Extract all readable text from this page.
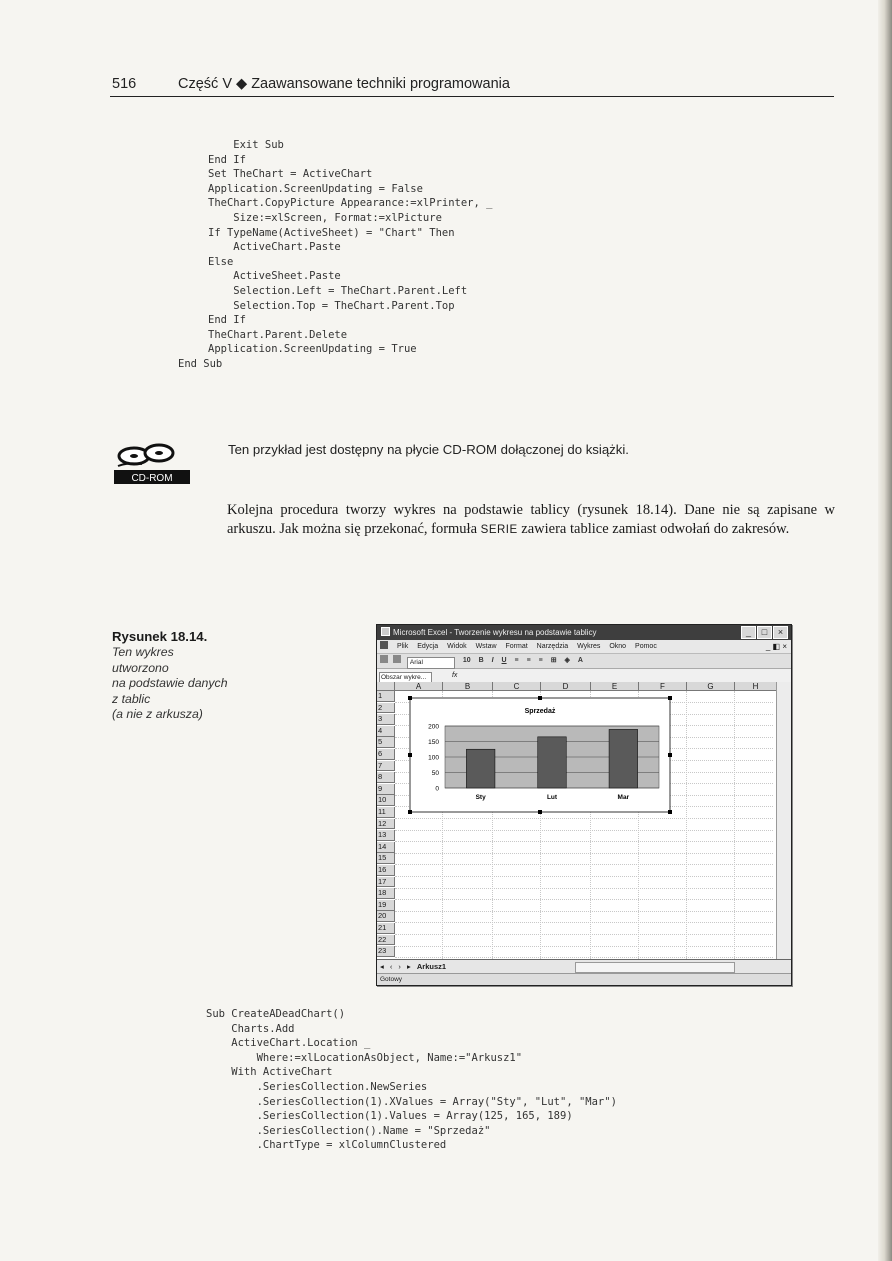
516	Część V ◆ Zaawansowane techniki programowania
Exit Sub
End If
Set TheChart = ActiveChart
Application.ScreenUpdating = False
TheChart.CopyPicture Appearance:=xlPrinter, _
Size:=xlScreen, Format:=xlPicture
If TypeName(ActiveSheet) = "Chart" Then
ActiveChart.Paste
Else
ActiveSheet.Paste
Selection.Left = TheChart.Parent.Left
Selection.Top = TheChart.Parent.Top
End If
TheChart.Parent.Delete
Application.ScreenUpdating = True
End Sub
CD-ROM
Ten przykład jest dostępny na płycie CD-ROM dołączonej do książki.

Kolejna procedura tworzy wykres na podstawie tablicy (rysunek 18.14). Dane nie są zapisane w arkuszu. Jak można się przekonać, formuła SERIE zawiera tablice zamiast odwołań do zakresów.

Rysunek 18.14.
Ten wykres
utworzono
na podstawie danych
z tablic
(a nie z arkusza)
Microsoft Excel - Tworzenie wykresu na podstawie tablicy	_	□	×
Plik Edycja Widok Wstaw Format Narzędzia Wykres Okno Pomoc	_ ◧ ×
Arial	10 B I U ≡ ≡ ≡ ⊞ ◈ A
Obszar wykre...	fx
A	B	C	D	E	F	G	H
1
2
3
4
5
6
7
8
9
10
11
12
13
14
15
16
17
18
19
20
21
22
23
Sprzedaż
0
50
100
150
200
Sty	Lut	Mar
◂ ‹ › ▸ Arkusz1
Gotowy
Sub CreateADeadChart()
Charts.Add
ActiveChart.Location _
Where:=xlLocationAsObject, Name:="Arkusz1"
With ActiveChart
.SeriesCollection.NewSeries
.SeriesCollection(1).XValues = Array("Sty", "Lut", "Mar")
.SeriesCollection(1).Values = Array(125, 165, 189)
.SeriesCollection().Name = "Sprzedaż"
.ChartType = xlColumnClustered
